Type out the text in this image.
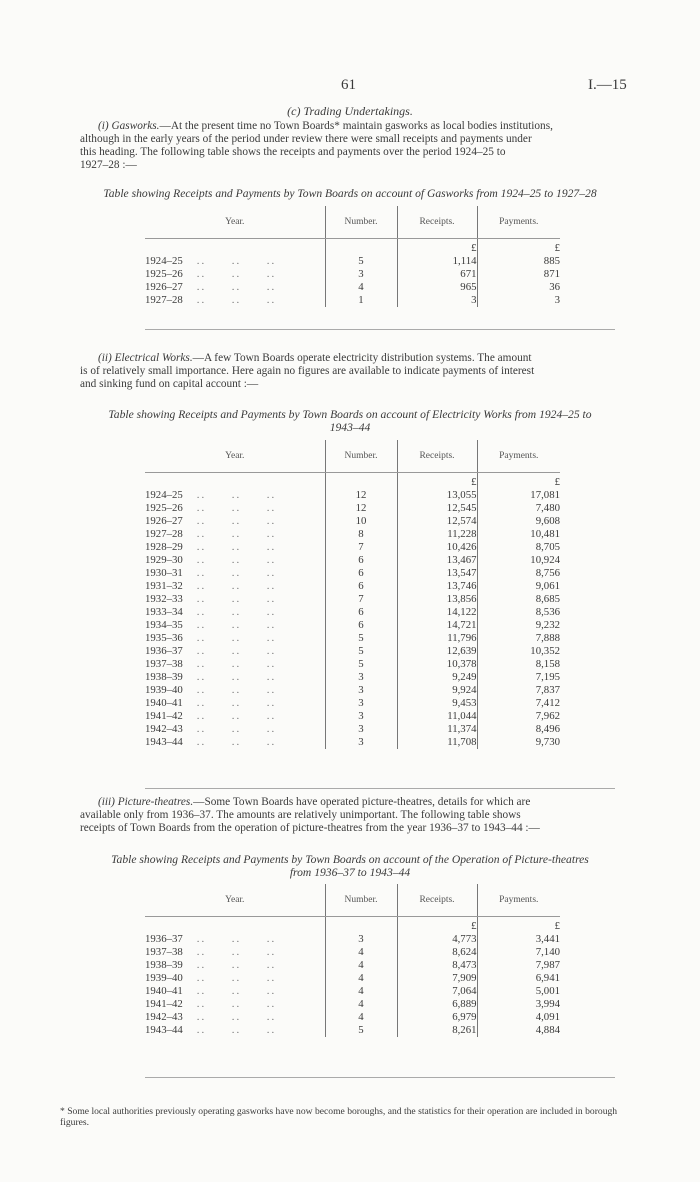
61	I.—15
(c) Trading Undertakings.
(i) Gasworks.—At the present time no Town Boards* maintain gasworks as local bodies institutions,
although in the early years of the period under review there were small receipts and payments under
this heading. The following table shows the receipts and payments over the period 1924–25 to
1927–28 :—
Table showing Receipts and Payments by Town Boards on account of Gasworks from 1924–25 to 1927–28
Year.	Number.	Receipts.	Payments.
		£	£
1924–25 ..  ..  ..	5	1,114	885
1925–26 ..  ..  ..	3	671	871
1926–27 ..  ..  ..	4	965	36
1927–28 ..  ..  ..	1	3	3
(ii) Electrical Works.—A few Town Boards operate electricity distribution systems. The amount
is of relatively small importance. Here again no figures are available to indicate payments of interest
and sinking fund on capital account :—
Table showing Receipts and Payments by Town Boards on account of Electricity Works from 1924–25 to
1943–44
Year.	Number.	Receipts.	Payments.
		£	£
1924–25 ..  ..  ..	12	13,055	17,081
1925–26 ..  ..  ..	12	12,545	7,480
1926–27 ..  ..  ..	10	12,574	9,608
1927–28 ..  ..  ..	8	11,228	10,481
1928–29 ..  ..  ..	7	10,426	8,705
1929–30 ..  ..  ..	6	13,467	10,924
1930–31 ..  ..  ..	6	13,547	8,756
1931–32 ..  ..  ..	6	13,746	9,061
1932–33 ..  ..  ..	7	13,856	8,685
1933–34 ..  ..  ..	6	14,122	8,536
1934–35 ..  ..  ..	6	14,721	9,232
1935–36 ..  ..  ..	5	11,796	7,888
1936–37 ..  ..  ..	5	12,639	10,352
1937–38 ..  ..  ..	5	10,378	8,158
1938–39 ..  ..  ..	3	9,249	7,195
1939–40 ..  ..  ..	3	9,924	7,837
1940–41 ..  ..  ..	3	9,453	7,412
1941–42 ..  ..  ..	3	11,044	7,962
1942–43 ..  ..  ..	3	11,374	8,496
1943–44 ..  ..  ..	3	11,708	9,730
(iii) Picture-theatres.—Some Town Boards have operated picture-theatres, details for which are
available only from 1936–37. The amounts are relatively unimportant. The following table shows
receipts of Town Boards from the operation of picture-theatres from the year 1936–37 to 1943–44 :—
Table showing Receipts and Payments by Town Boards on account of the Operation of Picture-theatres
from 1936–37 to 1943–44
Year.	Number.	Receipts.	Payments.
		£	£
1936–37 ..  ..  ..	3	4,773	3,441
1937–38 ..  ..  ..	4	8,624	7,140
1938–39 ..  ..  ..	4	8,473	7,987
1939–40 ..  ..  ..	4	7,909	6,941
1940–41 ..  ..  ..	4	7,064	5,001
1941–42 ..  ..  ..	4	6,889	3,994
1942–43 ..  ..  ..	4	6,979	4,091
1943–44 ..  ..  ..	5	8,261	4,884
* Some local authorities previously operating gasworks have now become boroughs, and the statistics for their operation are included in borough figures.
